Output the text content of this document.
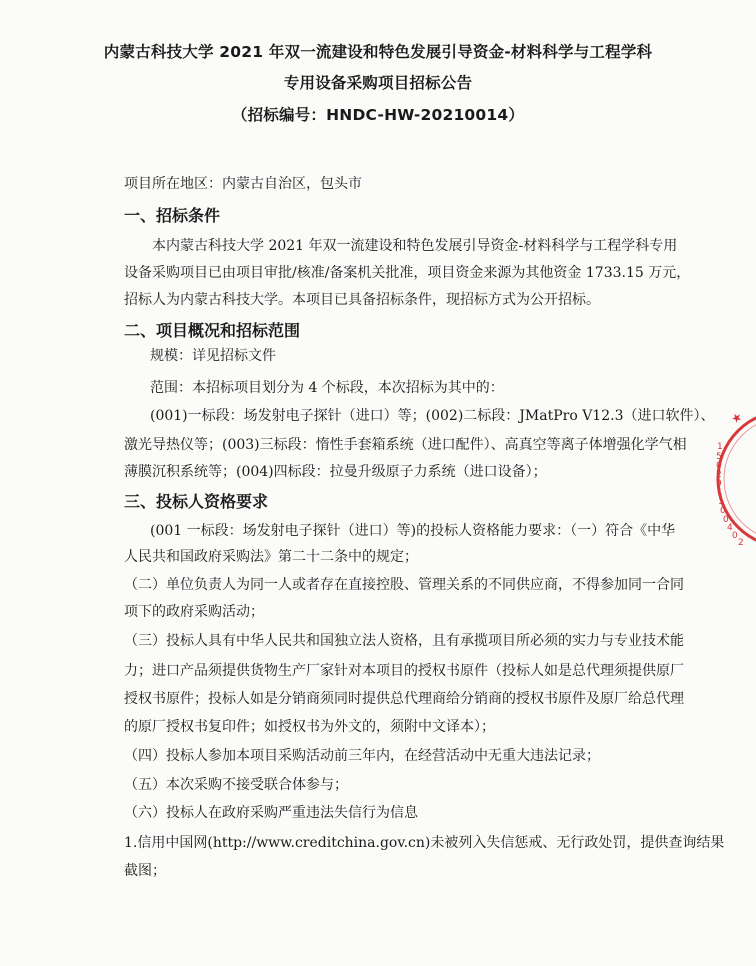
内蒙古科技大学 2021 年双一流建设和特色发展引导资金-材料科学与工程学科
专用设备采购项目招标公告
（招标编号：HNDC-HW-20210014）
项目所在地区：内蒙古自治区，包头市
一、招标条件
本内蒙古科技大学 2021 年双一流建设和特色发展引导资金-材料科学与工程学科专用
设备采购项目已由项目审批/核准/备案机关批准，项目资金来源为其他资金 1733.15 万元，
招标人为内蒙古科技大学。本项目已具备招标条件，现招标方式为公开招标。
二、项目概况和招标范围
规模：详见招标文件
范围：本招标项目划分为 4 个标段，本次招标为其中的：
(001)一标段：场发射电子探针（进口）等；(002)二标段：JMatPro V12.3（进口软件）、
激光导热仪等；(003)三标段：惰性手套箱系统（进口配件）、高真空等离子体增强化学气相
薄膜沉积系统等；(004)四标段：拉曼升级原子力系统（进口设备）；
三、投标人资格要求
(001 一标段：场发射电子探针（进口）等)的投标人资格能力要求：（一）符合《中华
人民共和国政府采购法》第二十二条中的规定；
（二）单位负责人为同一人或者存在直接控股、管理关系的不同供应商，不得参加同一合同
项下的政府采购活动；
（三）投标人具有中华人民共和国独立法人资格，且有承揽项目所必须的实力与专业技术能
力；进口产品须提供货物生产厂家针对本项目的授权书原件（投标人如是总代理须提供原厂
授权书原件；投标人如是分销商须同时提供总代理商给分销商的授权书原件及原厂给总代理
的原厂授权书复印件；如授权书为外文的，须附中文译本）；
（四）投标人参加本项目采购活动前三年内，在经营活动中无重大违法记录；
（五）本次采购不接受联合体参与；
（六）投标人在政府采购严重违法失信行为信息
1.信用中国网(http://www.creditchina.gov.cn)未被列入失信惩戒、无行政处罚，提供查询结果
截图；
★
1 5 0 2 9 1 1 0 0 4 0 2
